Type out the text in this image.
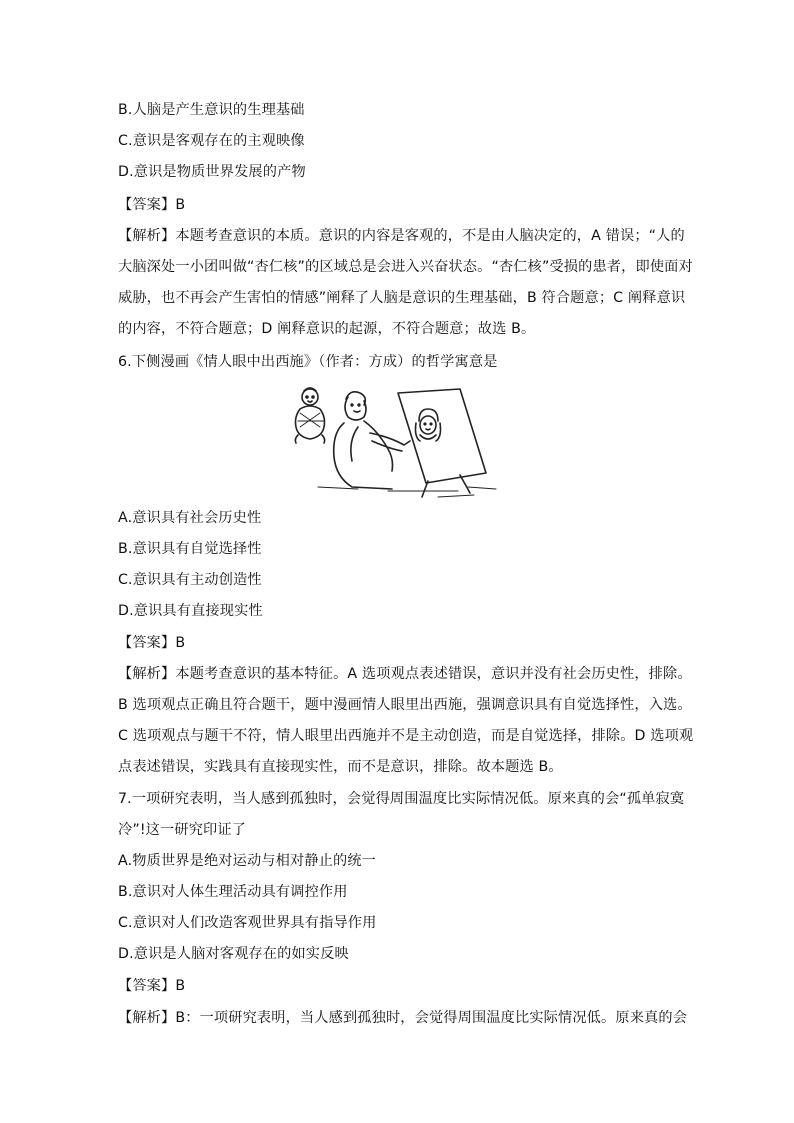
B.人脑是产生意识的生理基础
C.意识是客观存在的主观映像
D.意识是物质世界发展的产物
【答案】B
【解析】本题考查意识的本质。意识的内容是客观的，不是由人脑决定的，A 错误；“人的
大脑深处一小团叫做“杏仁核”的区域总是会进入兴奋状态。“杏仁核”受损的患者，即使面对
威胁，也不再会产生害怕的情感”阐释了人脑是意识的生理基础，B 符合题意；C 阐释意识
的内容，不符合题意；D 阐释意识的起源，不符合题意；故选 B。
6.下侧漫画《情人眼中出西施》（作者：方成）的哲学寓意是
A.意识具有社会历史性
B.意识具有自觉选择性
C.意识具有主动创造性
D.意识具有直接现实性
【答案】B
【解析】本题考查意识的基本特征。A 选项观点表述错误，意识并没有社会历史性，排除。
B 选项观点正确且符合题干，题中漫画情人眼里出西施，强调意识具有自觉选择性，入选。
C 选项观点与题干不符，情人眼里出西施并不是主动创造，而是自觉选择，排除。D 选项观
点表述错误，实践具有直接现实性，而不是意识，排除。故本题选 B。
7.一项研究表明，当人感到孤独时，会觉得周围温度比实际情况低。原来真的会“孤单寂寞
冷”!这一研究印证了
A.物质世界是绝对运动与相对静止的统一
B.意识对人体生理活动具有调控作用
C.意识对人们改造客观世界具有指导作用
D.意识是人脑对客观存在的如实反映
【答案】B
【解析】B：一项研究表明，当人感到孤独时，会觉得周围温度比实际情况低。原来真的会
